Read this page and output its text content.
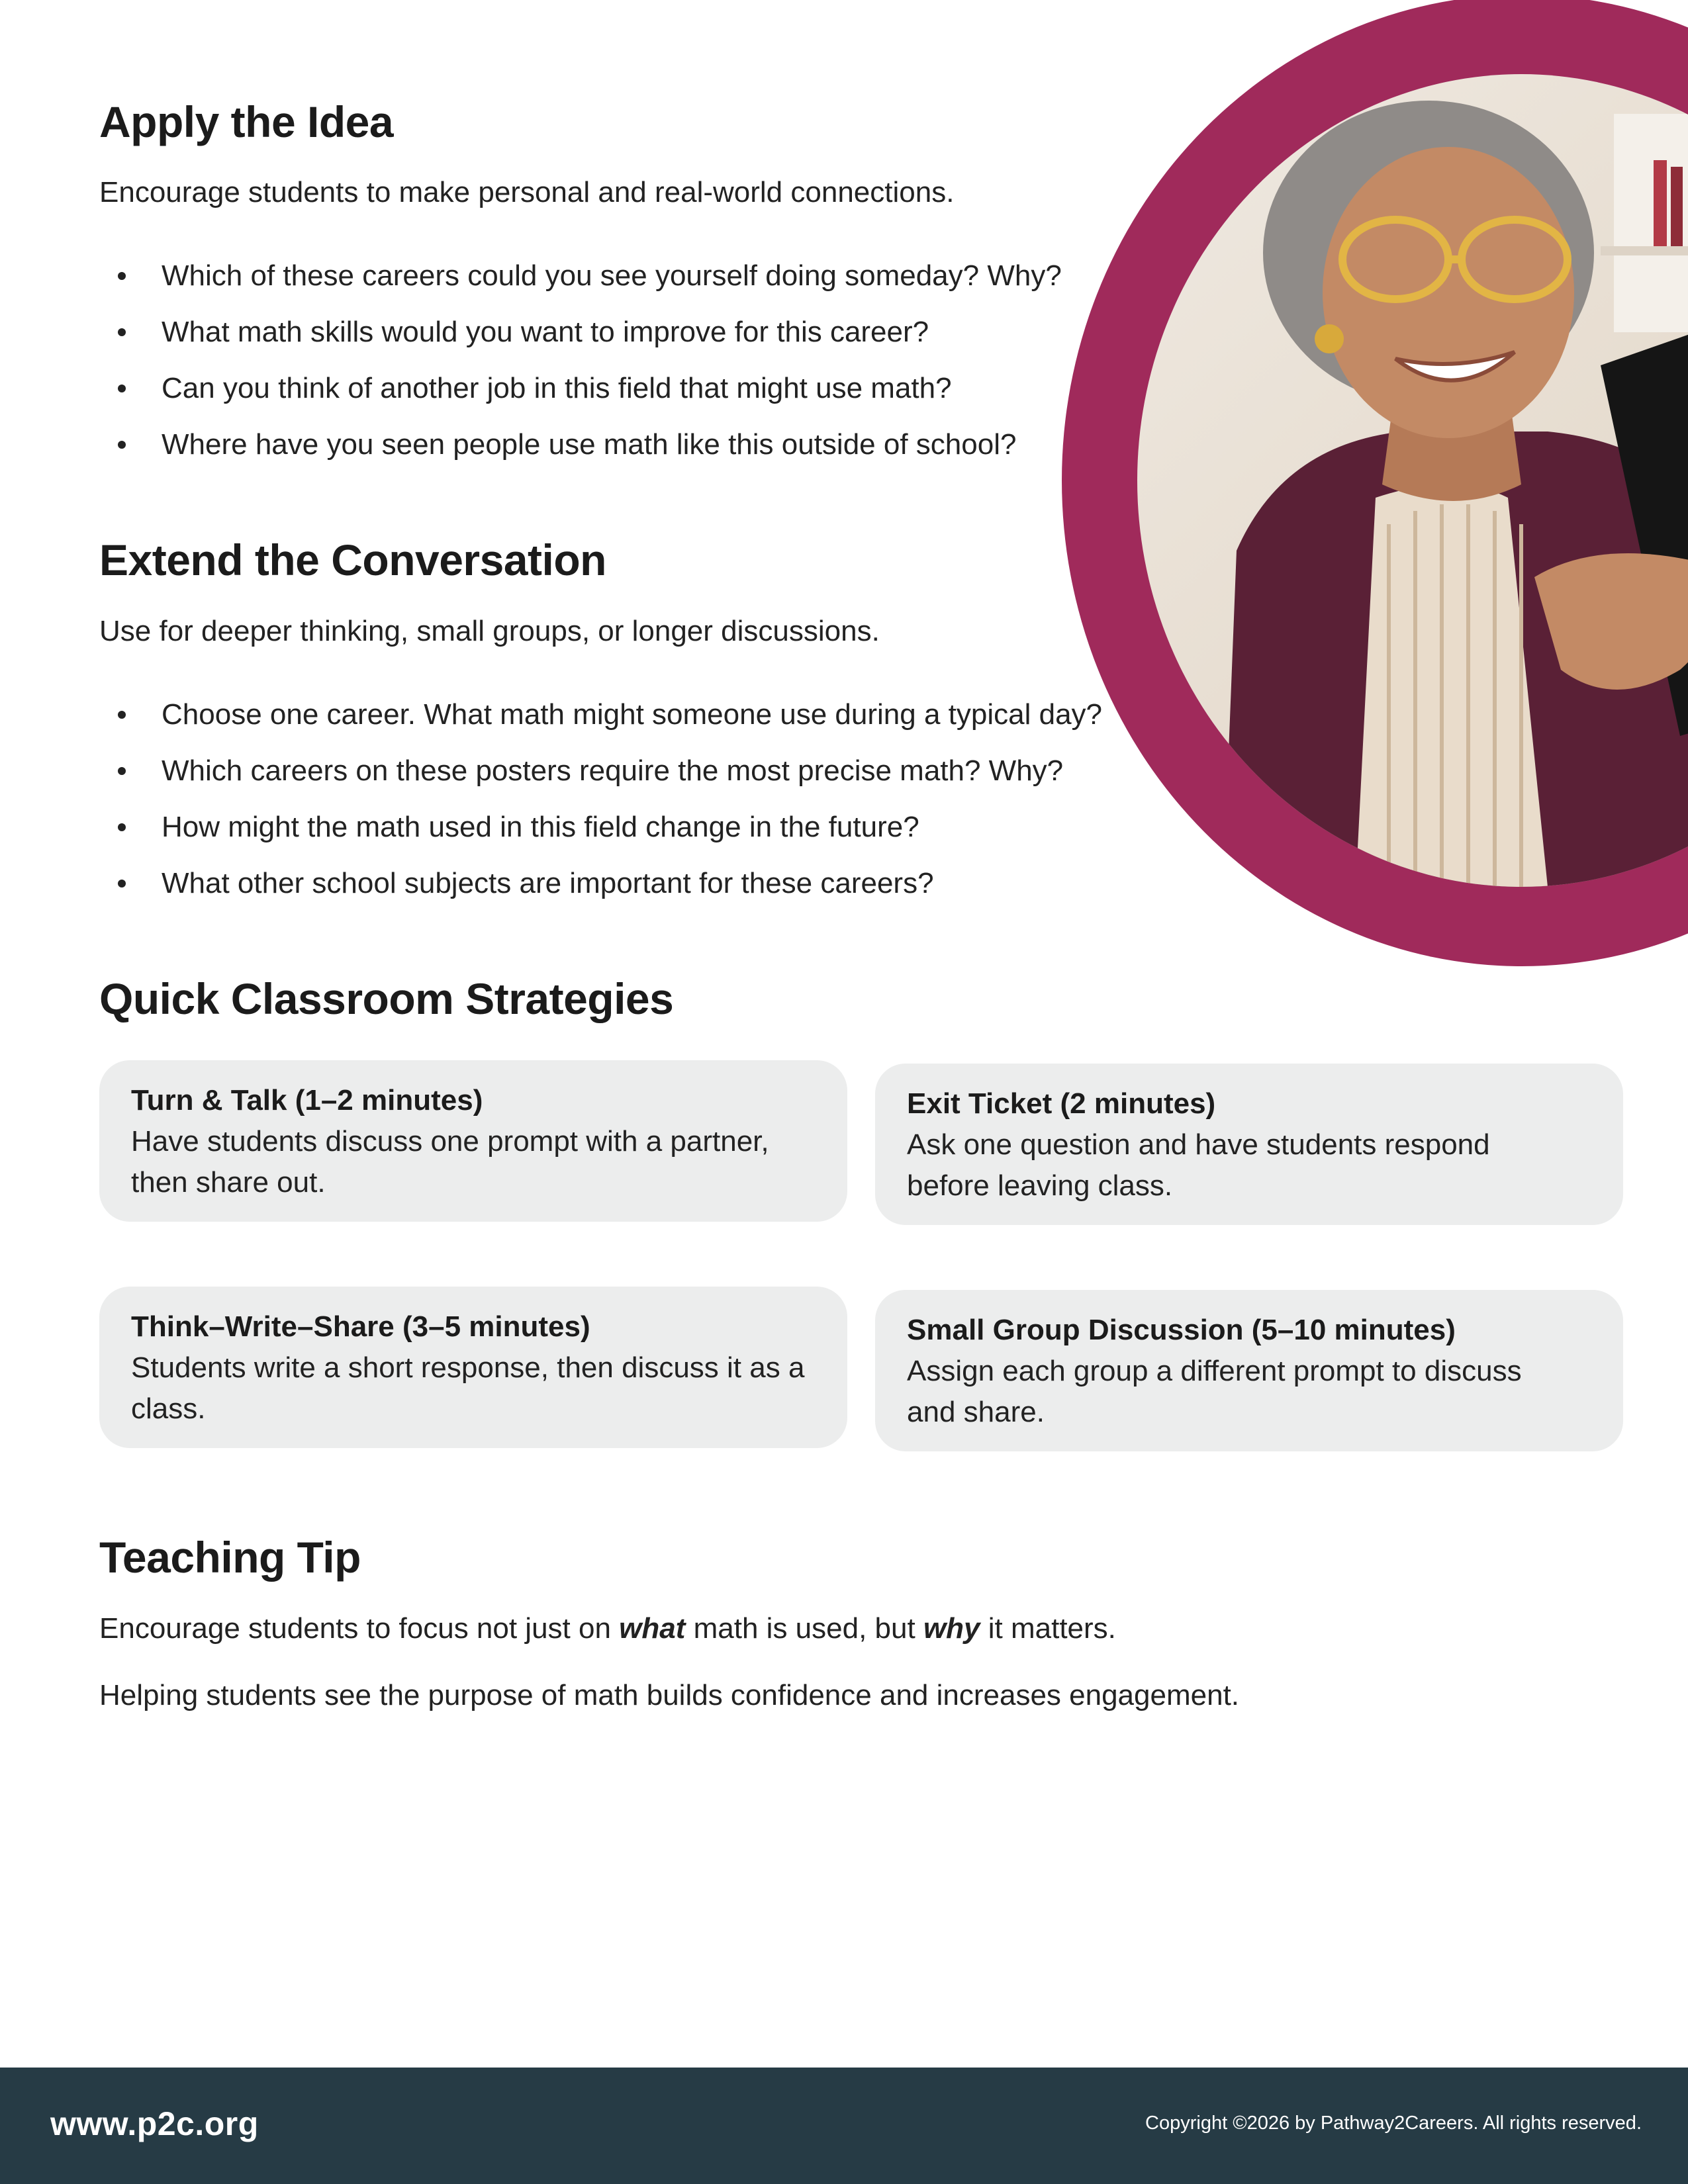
Apply the Idea

Encourage students to make personal and real-world connections.

Which of these careers could you see yourself doing someday? Why?
What math skills would you want to improve for this career?
Can you think of another job in this field that might use math?
Where have you seen people use math like this outside of school?
Extend the Conversation

Use for deeper thinking, small groups, or longer discussions.

Choose one career. What math might someone use during a typical day?
Which careers on these posters require the most precise math? Why?
How might the math used in this field change in the future?
What other school subjects are important for these careers?
Quick Classroom Strategies
Turn & Talk (1–2 minutes)
Have students discuss one prompt with a partner,
then share out.
Exit Ticket (2 minutes)
Ask one question and have students respond
before leaving class.
Think–Write–Share (3–5 minutes)
Students write a short response, then discuss it as a
class.
Small Group Discussion (5–10 minutes)
Assign each group a different prompt to discuss
and share.
Teaching Tip

Encourage students to focus not just on what math is used, but why it matters.

Helping students see the purpose of math builds confidence and increases engagement.

www.p2c.org	Copyright ©2026 by Pathway2Careers. All rights reserved.
